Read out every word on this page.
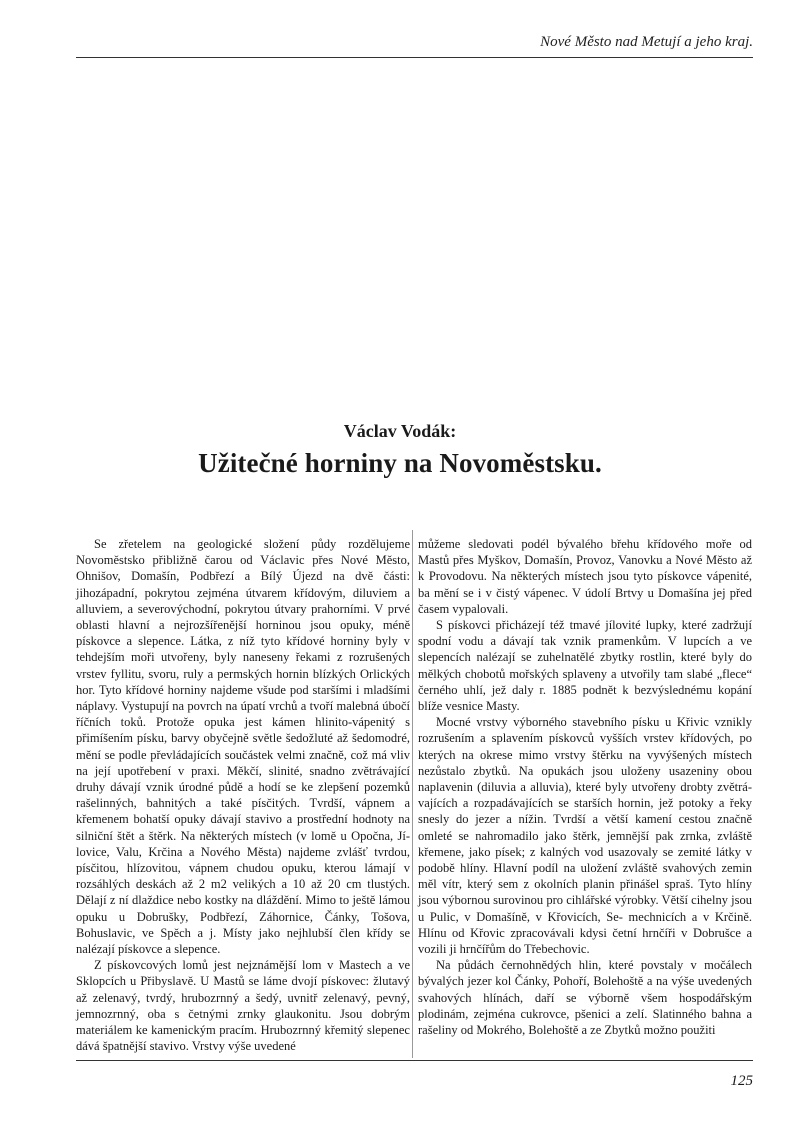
Nové Město nad Metují a jeho kraj.
Václav Vodák:
Užitečné horniny na Novoměstsku.

Se zřetelem na geologické složení půdy rozdělujeme Novoměstsko přibližně čarou od Václavic přes Nové Město, Ohnišov, Domašín, Podbřezí a Bílý Újezd na dvě části: jihozápadní, pokrytou zejména útvarem křídovým, diluviem a alluviem, a severovýchodní, pokrytou útvary prahorními. V prvé oblasti hlavní a nejrozšířenější horninou jsou opuky, méně pískovce a slepence. Látka, z níž tyto křídové horniny byly v tehdejším moři utvořeny, byly naneseny řekami z rozrušených vrstev fyllitu, svoru, ruly a permských hornin blízkých Orlických hor. Tyto křídové horniny najdeme všude pod staršími i mladšími náplavy. Vystupují na povrch na úpatí vrchů a tvoří malebná úbočí říčních toků. Protože opuka jest kámen hlinito-vápenitý s přimíšením písku, barvy obyčejně světle šedožluté až šedomodré, mění se podle převládajících součástek velmi značně, což má vliv na její upotřebení v praxi. Měkčí, slinité, snadno zvětrávající druhy dávají vznik úrodné půdě a hodí se ke zlepšení pozemků rašelinných, bahnitých a také písčitých. Tvrdší, vápnem a křemenem bohatší opuky dávají stavivo a prostřední hodnoty na silniční štět a štěrk. Na některých místech (v lomě u Opočna, Jí- lovice, Valu, Krčina a Nového Města) najdeme zvlášť tvrdou, písčitou, hlízovitou, vápnem chudou opuku, kterou lámají v rozsáhlých deskách až 2 m2 velikých a 10 až 20 cm tlustých. Dělají z ní dlaždice nebo kostky na dláždění. Mimo to ještě lámou opuku u Dobrušky, Podbřezí, Záhornice, Čánky, Tošova, Bohuslavic, ve Spěch a j. Místy jako nejhlubší člen křídy se nalézají pískovce a slepence.

Z pískovcových lomů jest nejznámější lom v Mastech a ve Sklopcích u Přibyslavě. U Mastů se láme dvojí pískovec: žlutavý až zelenavý, tvrdý, hrubozrnný a šedý, uvnitř zelenavý, pevný, jemnozrnný, oba s četnými zrnky glaukonitu. Jsou dobrým materiálem ke kamenickým pracím. Hrubozrnný křemitý slepenec dává špatnější stavivo. Vrstvy výše uvedené

můžeme sledovati podél bývalého břehu křídového moře od Mastů přes Myškov, Domašín, Provoz, Vanovku a Nové Město až k Provodovu. Na některých místech jsou tyto pískovce vápenité, ba mění se i v čistý vápenec. V údolí Brtvy u Domašína jej před časem vypalovali.

S pískovci přicházejí též tmavé jílovité lupky, které zadržují spodní vodu a dávají tak vznik pramenkům. V lupcích a ve slepencích nalézají se zuhelnatělé zbytky rostlin, které byly do mělkých chobotů mořských splaveny a utvořily tam slabé „flece“ černého uhlí, jež daly r. 1885 podnět k bezvýslednému kopání blíže vesnice Masty.

Mocné vrstvy výborného stavebního písku u Křivic vznikly rozrušením a splavením pískovců vyšších vrstev křídových, po kterých na okrese mimo vrstvy štěrku na vyvýšených místech nezůstalo zbytků. Na opukách jsou uloženy usazeniny obou naplavenin (diluvia a alluvia), které byly utvořeny drobty zvětrá- vajících a rozpadávajících se starších hornin, jež potoky a řeky snesly do jezer a nížin. Tvrdší a větší kamení cestou značně omleté se nahromadilo jako štěrk, jemnější pak zrnka, zvláště křemene, jako písek; z kalných vod usazovaly se zemité látky v podobě hlíny. Hlavní podíl na uložení zvláště svahových zemin měl vítr, který sem z okolních planin přinášel spraš. Tyto hlíny jsou výbornou surovinou pro cihlářské výrobky. Větší cihelny jsou u Pulic, v Domašíně, v Křovicích, Se- mechnicích a v Krčině. Hlínu od Křovic zpracovávali kdysi četní hrnčíři v Dobrušce a vozili ji hrnčířům do Třebechovic.

Na půdách černohnědých hlin, které povstaly v močálech bývalých jezer kol Čánky, Pohoří, Bolehoště a na výše uvedených svahových hlínách, daří se výborně všem hospodářským plodinám, zejména cukrovce, pšenici a zelí. Slatinného bahna a rašeliny od Mokrého, Bolehoště a ze Zbytků možno použiti

125
